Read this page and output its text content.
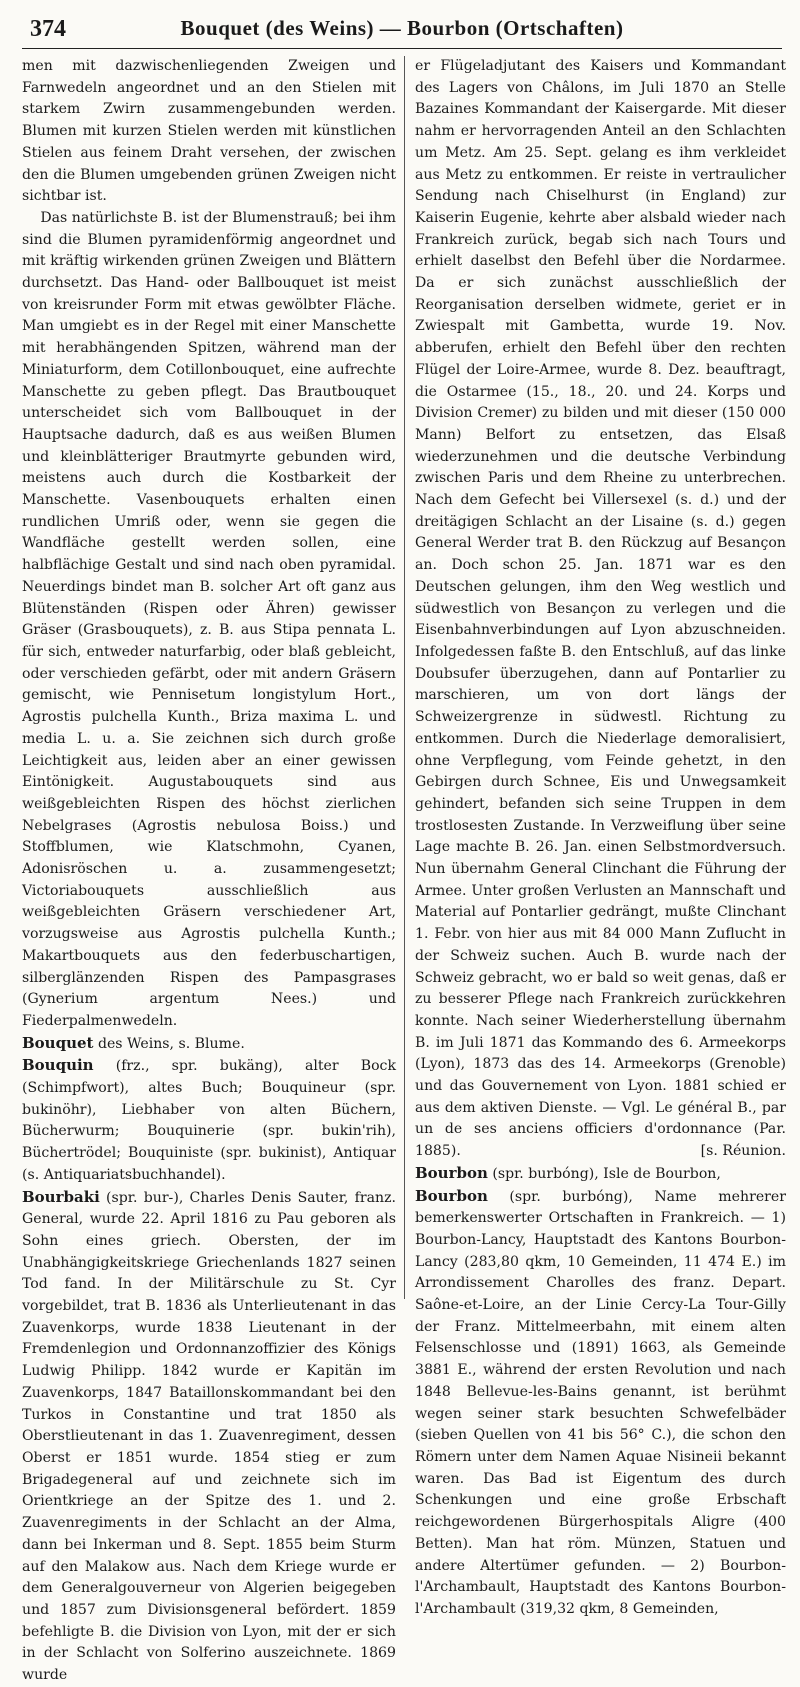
374	Bouquet (des Weins) — Bourbon (Ortschaften)

men mit dazwischenliegenden Zweigen und Farnwedeln angeordnet und an den Stielen mit starkem Zwirn zusammengebunden werden. Blumen mit kurzen Stielen werden mit künstlichen Stielen aus feinem Draht versehen, der zwischen den die Blumen umgebenden grünen Zweigen nicht sichtbar ist.

Das natürlichste B. ist der Blumenstrauß; bei ihm sind die Blumen pyramidenförmig angeordnet und mit kräftig wirkenden grünen Zweigen und Blättern durchsetzt. Das Hand- oder Ballbouquet ist meist von kreisrunder Form mit etwas gewölbter Fläche. Man umgiebt es in der Regel mit einer Manschette mit herabhängenden Spitzen, während man der Miniaturform, dem Cotillonbouquet, eine aufrechte Manschette zu geben pflegt. Das Brautbouquet unterscheidet sich vom Ballbouquet in der Hauptsache dadurch, daß es aus weißen Blumen und kleinblätteriger Brautmyrte gebunden wird, meistens auch durch die Kostbarkeit der Manschette. Vasenbouquets erhalten einen rundlichen Umriß oder, wenn sie gegen die Wandfläche gestellt werden sollen, eine halbflächige Gestalt und sind nach oben pyramidal. Neuerdings bindet man B. solcher Art oft ganz aus Blütenständen (Rispen oder Ähren) gewisser Gräser (Grasbouquets), z. B. aus Stipa pennata L. für sich, entweder naturfarbig, oder blaß gebleicht, oder verschieden gefärbt, oder mit andern Gräsern gemischt, wie Pennisetum longistylum Hort., Agrostis pulchella Kunth., Briza maxima L. und media L. u. a. Sie zeichnen sich durch große Leichtigkeit aus, leiden aber an einer gewissen Eintönigkeit. Augustabouquets sind aus weißgebleichten Rispen des höchst zierlichen Nebelgrases (Agrostis nebulosa Boiss.) und Stoffblumen, wie Klatschmohn, Cyanen, Adonisröschen u. a. zusammengesetzt; Victoriabouquets ausschließlich aus weißgebleichten Gräsern verschiedener Art, vorzugsweise aus Agrostis pulchella Kunth.; Makartbouquets aus den federbuschartigen, silberglänzenden Rispen des Pampasgrases (Gynerium argentum Nees.) und Fiederpalmenwedeln.

Bouquet des Weins, s. Blume.

Bouquin (frz., spr. bukäng), alter Bock (Schimpfwort), altes Buch; Bouquineur (spr. bukinöhr), Liebhaber von alten Büchern, Bücherwurm; Bouquinerie (spr. bukin'rih), Büchertrödel; Bouquiniste (spr. bukinist), Antiquar (s. Antiquariatsbuchhandel).

Bourbaki (spr. bur-), Charles Denis Sauter, franz. General, wurde 22. April 1816 zu Pau geboren als Sohn eines griech. Obersten, der im Unabhängigkeitskriege Griechenlands 1827 seinen Tod fand. In der Militärschule zu St. Cyr vorgebildet, trat B. 1836 als Unterlieutenant in das Zuavenkorps, wurde 1838 Lieutenant in der Fremdenlegion und Ordonnanzoffizier des Königs Ludwig Philipp. 1842 wurde er Kapitän im Zuavenkorps, 1847 Bataillonskommandant bei den Turkos in Constantine und trat 1850 als Oberstlieutenant in das 1. Zuavenregiment, dessen Oberst er 1851 wurde. 1854 stieg er zum Brigadegeneral auf und zeichnete sich im Orientkriege an der Spitze des 1. und 2. Zuavenregiments in der Schlacht an der Alma, dann bei Inkerman und 8. Sept. 1855 beim Sturm auf den Malakow aus. Nach dem Kriege wurde er dem Generalgouverneur von Algerien beigegeben und 1857 zum Divisionsgeneral befördert. 1859 befehligte B. die Division von Lyon, mit der er sich in der Schlacht von Solferino auszeichnete. 1869 wurde

er Flügeladjutant des Kaisers und Kommandant des Lagers von Châlons, im Juli 1870 an Stelle Bazaines Kommandant der Kaisergarde. Mit dieser nahm er hervorragenden Anteil an den Schlachten um Metz. Am 25. Sept. gelang es ihm verkleidet aus Metz zu entkommen. Er reiste in vertraulicher Sendung nach Chiselhurst (in England) zur Kaiserin Eugenie, kehrte aber alsbald wieder nach Frankreich zurück, begab sich nach Tours und erhielt daselbst den Befehl über die Nordarmee. Da er sich zunächst ausschließlich der Reorganisation derselben widmete, geriet er in Zwiespalt mit Gambetta, wurde 19. Nov. abberufen, erhielt den Befehl über den rechten Flügel der Loire-Armee, wurde 8. Dez. beauftragt, die Ostarmee (15., 18., 20. und 24. Korps und Division Cremer) zu bilden und mit dieser (150 000 Mann) Belfort zu entsetzen, das Elsaß wiederzunehmen und die deutsche Verbindung zwischen Paris und dem Rheine zu unterbrechen. Nach dem Gefecht bei Villersexel (s. d.) und der dreitägigen Schlacht an der Lisaine (s. d.) gegen General Werder trat B. den Rückzug auf Besançon an. Doch schon 25. Jan. 1871 war es den Deutschen gelungen, ihm den Weg westlich und südwestlich von Besançon zu verlegen und die Eisenbahnverbindungen auf Lyon abzuschneiden. Infolgedessen faßte B. den Entschluß, auf das linke Doubsufer überzugehen, dann auf Pontarlier zu marschieren, um von dort längs der Schweizergrenze in südwestl. Richtung zu entkommen. Durch die Niederlage demoralisiert, ohne Verpflegung, vom Feinde gehetzt, in den Gebirgen durch Schnee, Eis und Unwegsamkeit gehindert, befanden sich seine Truppen in dem trostlosesten Zustande. In Verzweiflung über seine Lage machte B. 26. Jan. einen Selbstmordversuch. Nun übernahm General Clinchant die Führung der Armee. Unter großen Verlusten an Mannschaft und Material auf Pontarlier gedrängt, mußte Clinchant 1. Febr. von hier aus mit 84 000 Mann Zuflucht in der Schweiz suchen. Auch B. wurde nach der Schweiz gebracht, wo er bald so weit genas, daß er zu besserer Pflege nach Frankreich zurückkehren konnte. Nach seiner Wiederherstellung übernahm B. im Juli 1871 das Kommando des 6. Armeekorps (Lyon), 1873 das des 14. Armeekorps (Grenoble) und das Gouvernement von Lyon. 1881 schied er aus dem aktiven Dienste. — Vgl. Le général B., par un de ses anciens officiers d'ordonnance (Par. 1885).	[s. Réunion.

Bourbon (spr. burbóng), Isle de Bourbon,

Bourbon (spr. burbóng), Name mehrerer bemerkenswerter Ortschaften in Frankreich. — 1) Bourbon-Lancy, Hauptstadt des Kantons Bourbon-Lancy (283,80 qkm, 10 Gemeinden, 11 474 E.) im Arrondissement Charolles des franz. Depart. Saône-et-Loire, an der Linie Cercy-La Tour-Gilly der Franz. Mittelmeerbahn, mit einem alten Felsenschlosse und (1891) 1663, als Gemeinde 3881 E., während der ersten Revolution und nach 1848 Bellevue-les-Bains genannt, ist berühmt wegen seiner stark besuchten Schwefelbäder (sieben Quellen von 41 bis 56° C.), die schon den Römern unter dem Namen Aquae Nisineii bekannt waren. Das Bad ist Eigentum des durch Schenkungen und eine große Erbschaft reichgewordenen Bürgerhospitals Aligre (400 Betten). Man hat röm. Münzen, Statuen und andere Altertümer gefunden. — 2) Bourbon-l'Archambault, Hauptstadt des Kantons Bourbon-l'Archambault (319,32 qkm, 8 Gemeinden,
